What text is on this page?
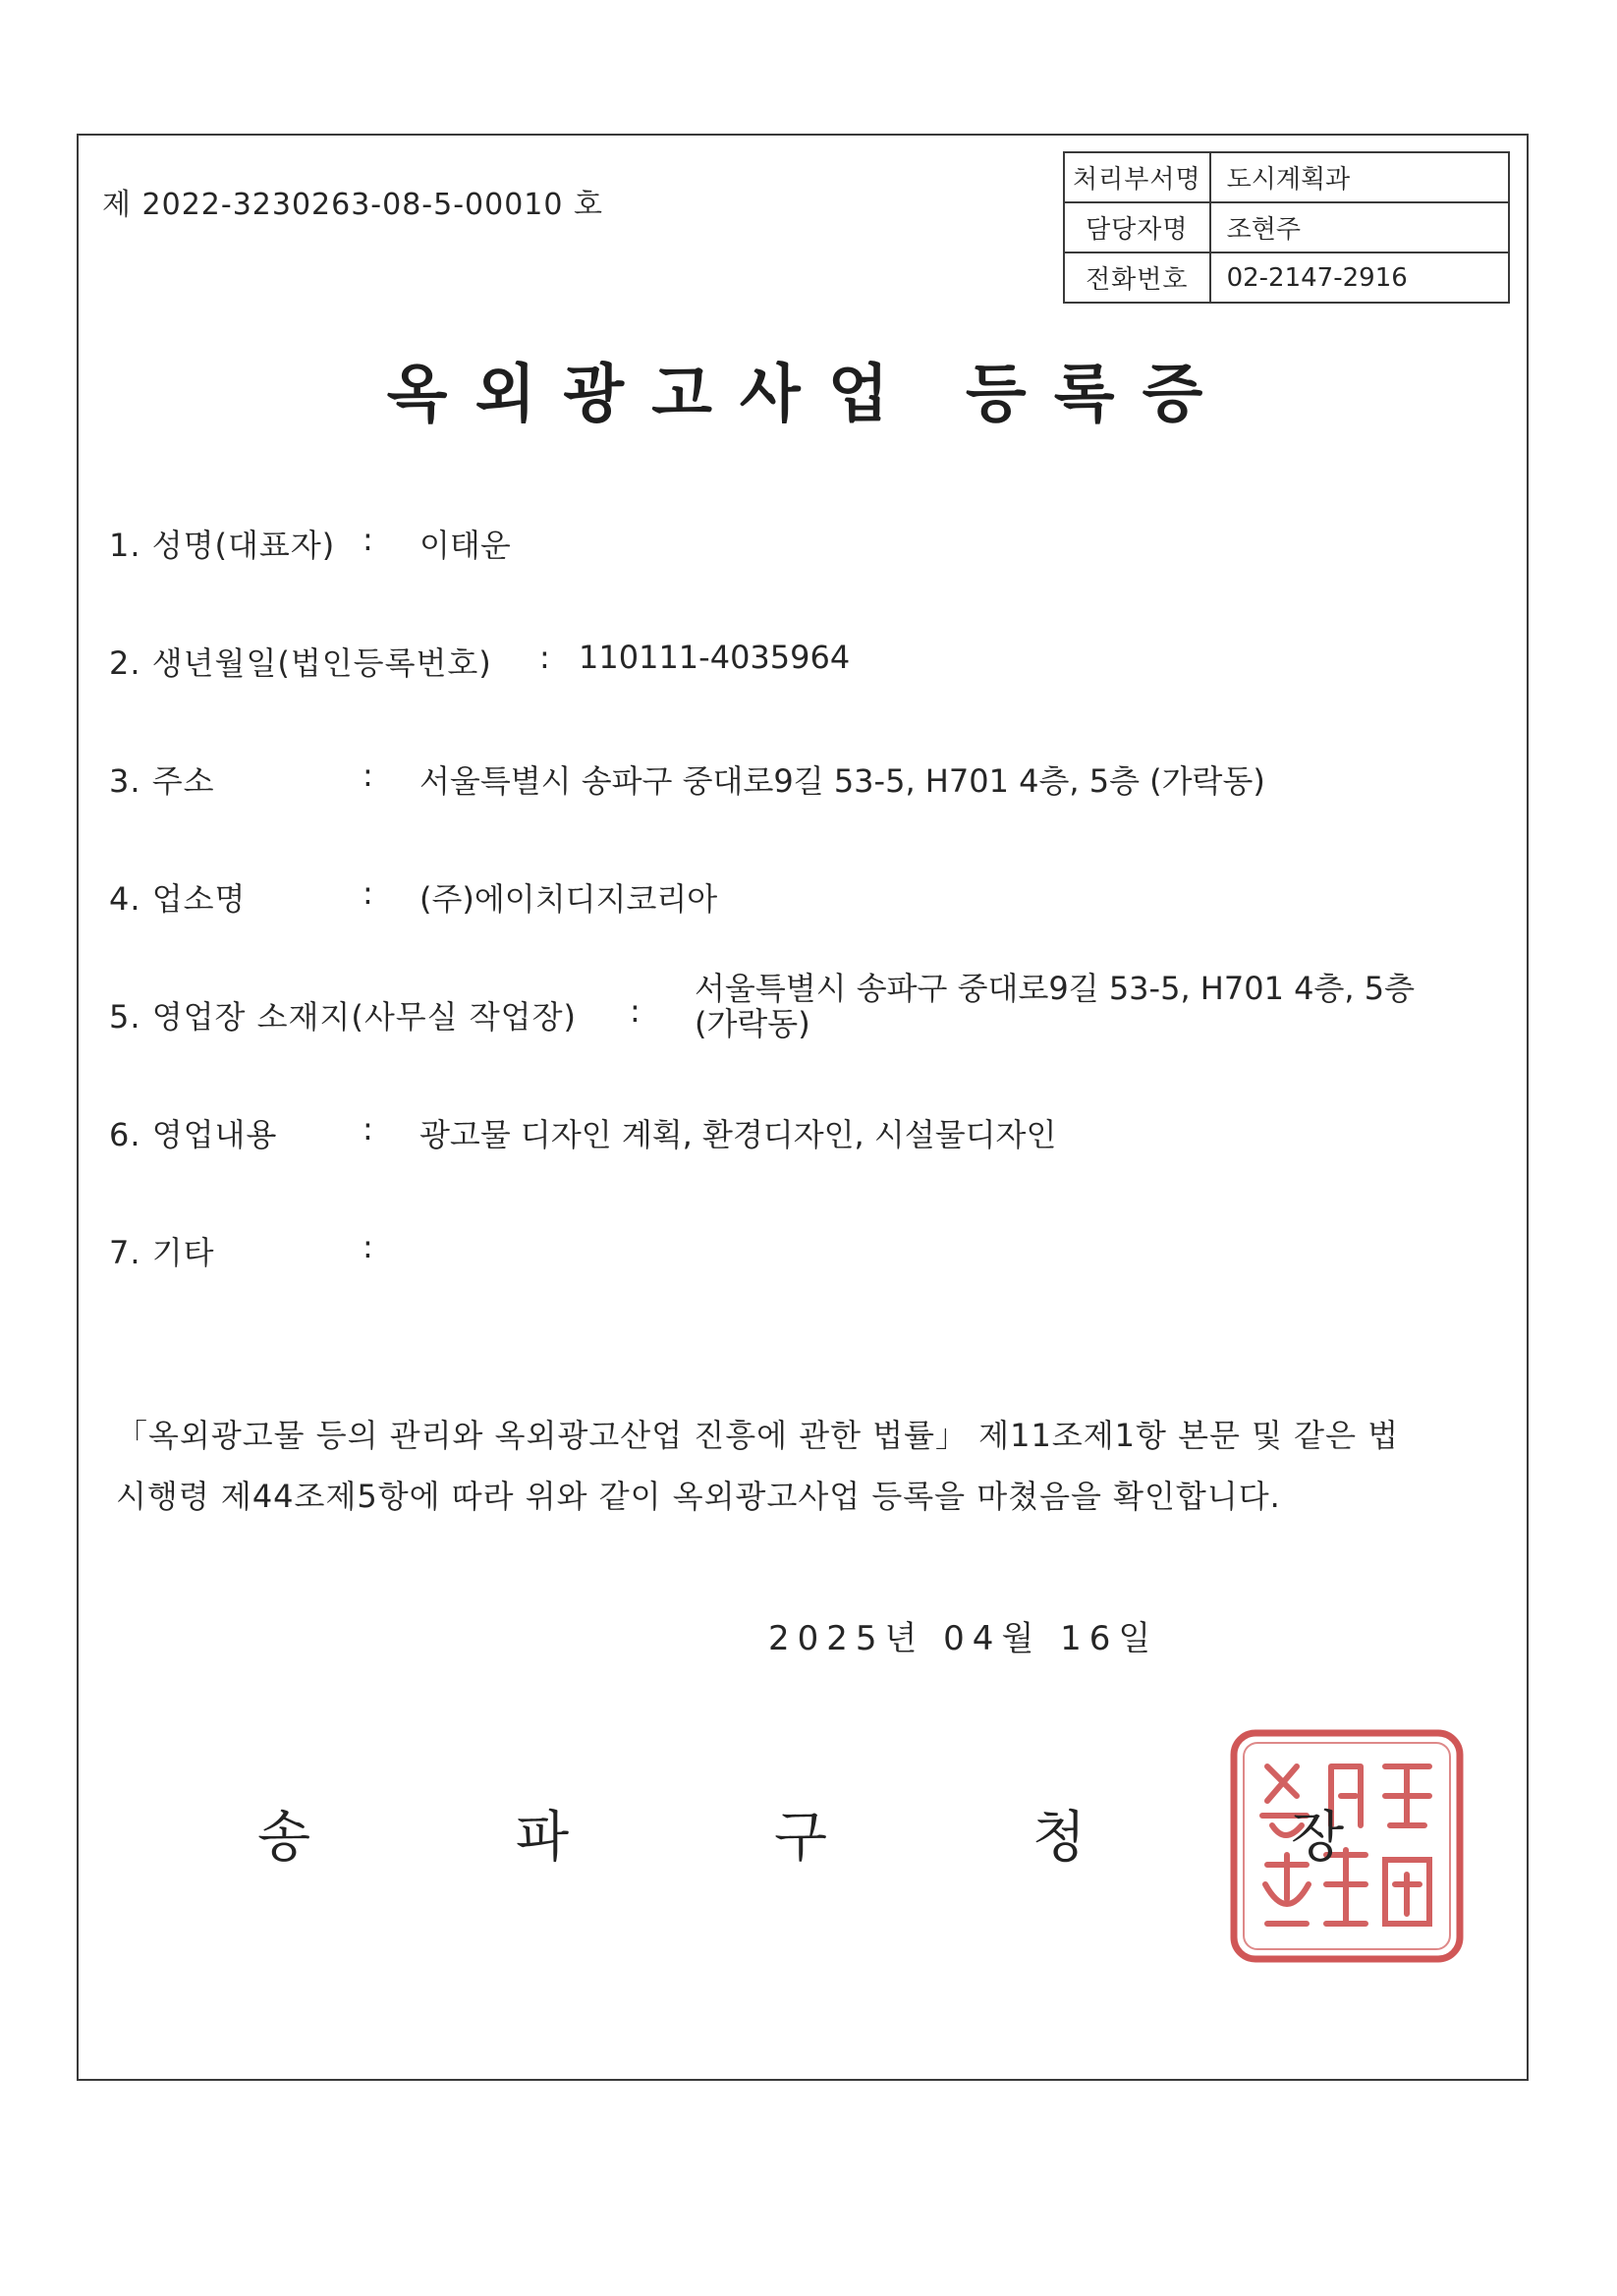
제 2022-3230263-08-5-00010 호
처리부서명	도시계획과
담당자명	조현주
전화번호	02-2147-2916
옥외광고사업 등록증
1. 성명(대표자) : 이태운
2. 생년월일(법인등록번호) : 110111-4035964
3. 주소	: 서울특별시 송파구 중대로9길 53-5, H701 4층, 5층 (가락동)
4. 업소명	: (주)에이치디지코리아
5. 영업장 소재지(사무실 작업장) :
서울특별시 송파구 중대로9길 53-5, H701 4층, 5층 (가락동)
6. 영업내용	: 광고물 디자인 계획, 환경디자인, 시설물디자인
7. 기타	:
「옥외광고물 등의 관리와 옥외광고산업 진흥에 관한 법률」 제11조제1항 본문 및 같은 법 시행령 제44조제5항에 따라 위와 같이 옥외광고사업 등록을 마쳤음을 확인합니다.
2025년 04월 16일
송	파	구	청	장
